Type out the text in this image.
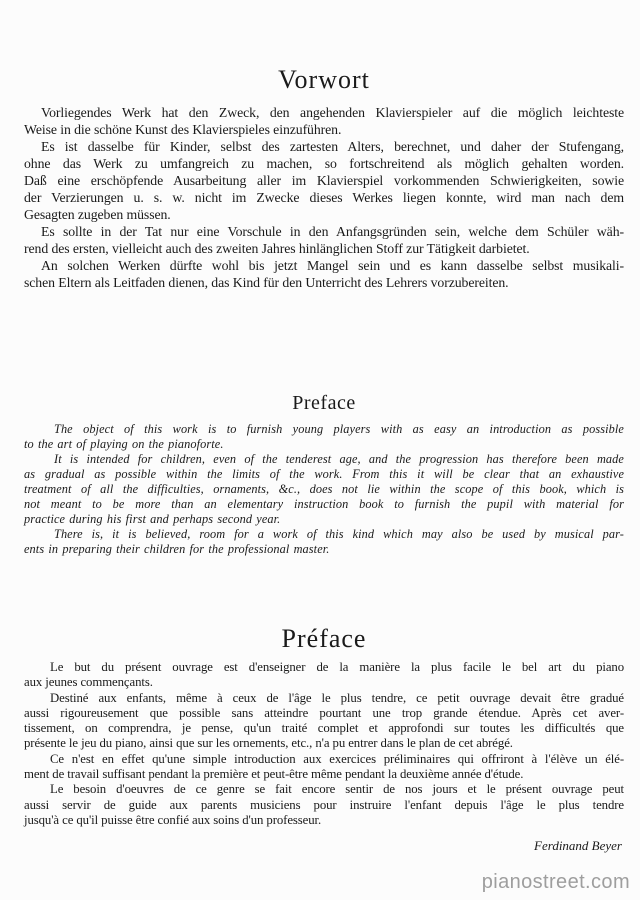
Vorwort
Vorliegendes Werk hat den Zweck, den angehenden Klavierspieler auf die möglich leichteste
Weise in die schöne Kunst des Klavierspieles einzuführen.
Es ist dasselbe für Kinder, selbst des zartesten Alters, berechnet, und daher der Stufengang,
ohne das Werk zu umfangreich zu machen, so fortschreitend als möglich gehalten worden.
Daß eine erschöpfende Ausarbeitung aller im Klavierspiel vorkommenden Schwierigkeiten, sowie
der Verzierungen u. s. w. nicht im Zwecke dieses Werkes liegen konnte, wird man nach dem
Gesagten zugeben müssen.
Es sollte in der Tat nur eine Vorschule in den Anfangsgründen sein, welche dem Schüler wäh-
rend des ersten, vielleicht auch des zweiten Jahres hinlänglichen Stoff zur Tätigkeit darbietet.
An solchen Werken dürfte wohl bis jetzt Mangel sein und es kann dasselbe selbst musikali-
schen Eltern als Leitfaden dienen, das Kind für den Unterricht des Lehrers vorzubereiten.
Preface
The object of this work is to furnish young players with as easy an introduction as possible
to the art of playing on the pianoforte.
It is intended for children, even of the tenderest age, and the progression has therefore been made
as gradual as possible within the limits of the work. From this it will be clear that an exhaustive
treatment of all the difficulties, ornaments, &c., does not lie within the scope of this book, which is
not meant to be more than an elementary instruction book to furnish the pupil with material for
practice during his first and perhaps second year.
There is, it is believed, room for a work of this kind which may also be used by musical par-
ents in preparing their children for the professional master.
Préface
Le but du présent ouvrage est d'enseigner de la manière la plus facile le bel art du piano
aux jeunes commençants.
Destiné aux enfants, même à ceux de l'âge le plus tendre, ce petit ouvrage devait être gradué
aussi rigoureusement que possible sans atteindre pourtant une trop grande étendue. Après cet aver-
tissement, on comprendra, je pense, qu'un traité complet et approfondi sur toutes les difficultés que
présente le jeu du piano, ainsi que sur les ornements, etc., n'a pu entrer dans le plan de cet abrégé.
Ce n'est en effet qu'une simple introduction aux exercices préliminaires qui offriront à l'élève un élé-
ment de travail suffisant pendant la première et peut-être même pendant la deuxième année d'étude.
Le besoin d'oeuvres de ce genre se fait encore sentir de nos jours et le présent ouvrage peut
aussi servir de guide aux parents musiciens pour instruire l'enfant depuis l'âge le plus tendre
jusqu'à ce qu'il puisse être confié aux soins d'un professeur.
Ferdinand Beyer
pianostreet.com
